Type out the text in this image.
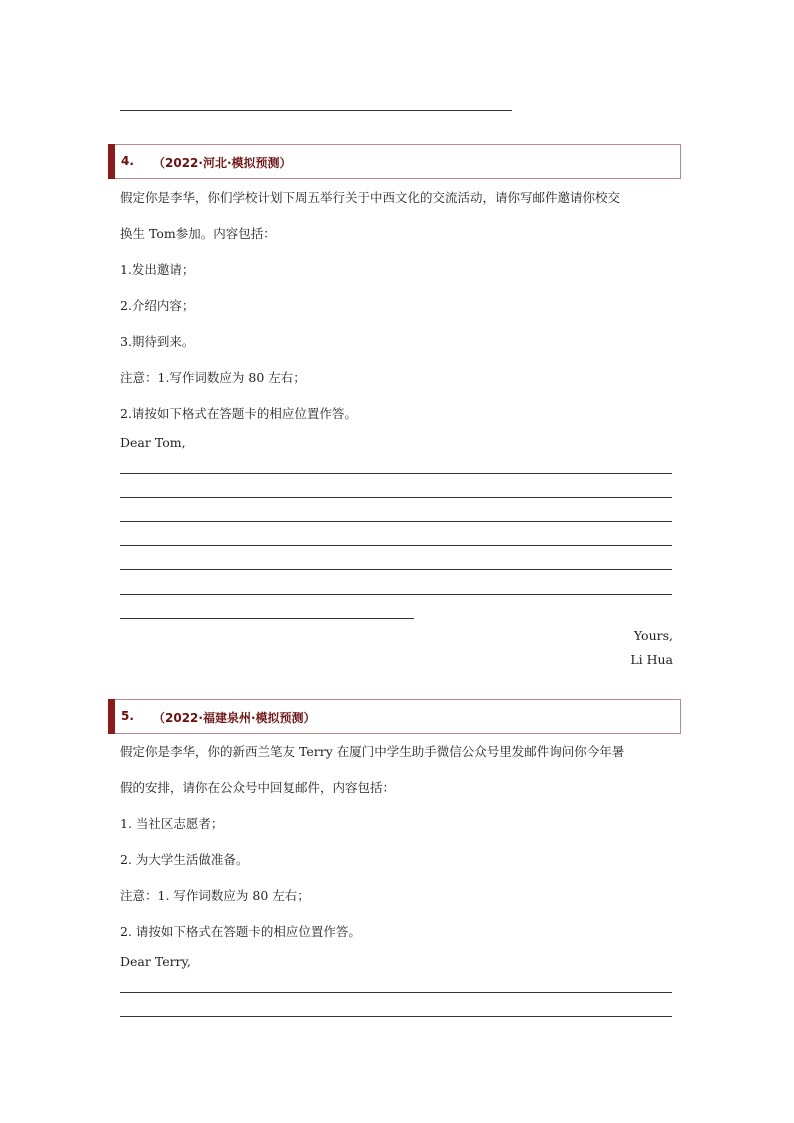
4. （2022·河北·模拟预测）
假定你是李华，你们学校计划下周五举行关于中西文化的交流活动，请你写邮件邀请你校交
换生 Tom参加。内容包括：
1.发出邀请；
2.介绍内容；
3.期待到来。
注意：1.写作词数应为 80 左右；
2.请按如下格式在答题卡的相应位置作答。
Dear Tom,
Yours,
Li Hua
5. （2022·福建泉州·模拟预测）
假定你是李华，你的新西兰笔友 Terry 在厦门中学生助手微信公众号里发邮件询问你今年暑
假的安排，请你在公众号中回复邮件，内容包括：
1. 当社区志愿者；
2. 为大学生活做准备。
注意：1. 写作词数应为 80 左右；
2. 请按如下格式在答题卡的相应位置作答。
Dear Terry,
